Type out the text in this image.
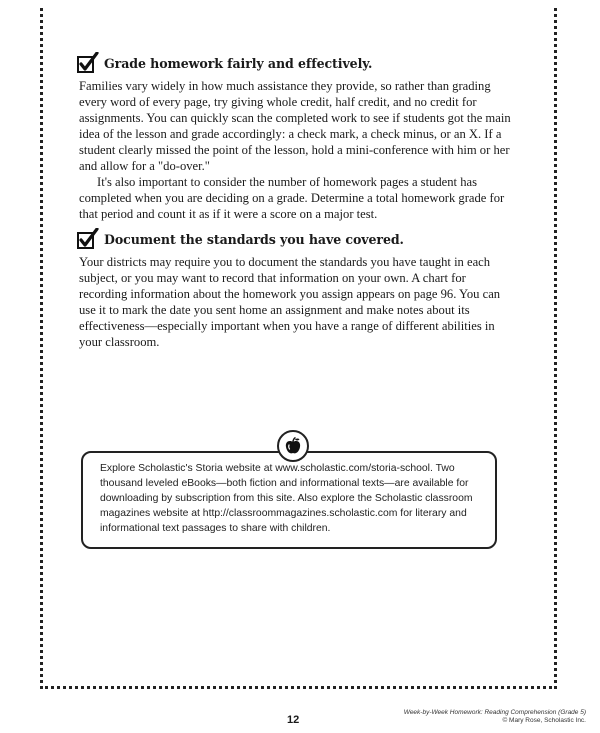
Grade homework fairly and effectively.

Families vary widely in how much assistance they provide, so rather than grading every word of every page, try giving whole credit, half credit, and no credit for assignments. You can quickly scan the completed work to see if students got the main idea of the lesson and grade accordingly: a check mark, a check minus, or an X. If a student clearly missed the point of the lesson, hold a mini-conference with him or her and allow for a "do-over."

It's also important to consider the number of homework pages a student has completed when you are deciding on a grade. Determine a total homework grade for that period and count it as if it were a score on a major test.

Document the standards you have covered.

Your districts may require you to document the standards you have taught in each subject, or you may want to record that information on your own. A chart for recording information about the homework you assign appears on page 96. You can use it to mark the date you sent home an assignment and make notes about its effectiveness—especially important when you have a range of different abilities in your classroom.

Explore Scholastic's Storia website at www.scholastic.com/storia-school. Two thousand leveled eBooks—both fiction and informational texts—are available for downloading by subscription from this site. Also explore the Scholastic classroom magazines website at http://classroommagazines.scholastic.com for literary and informational text passages to share with children.

12
Week-by-Week Homework: Reading Comprehension (Grade 5)
© Mary Rose, Scholastic Inc.
